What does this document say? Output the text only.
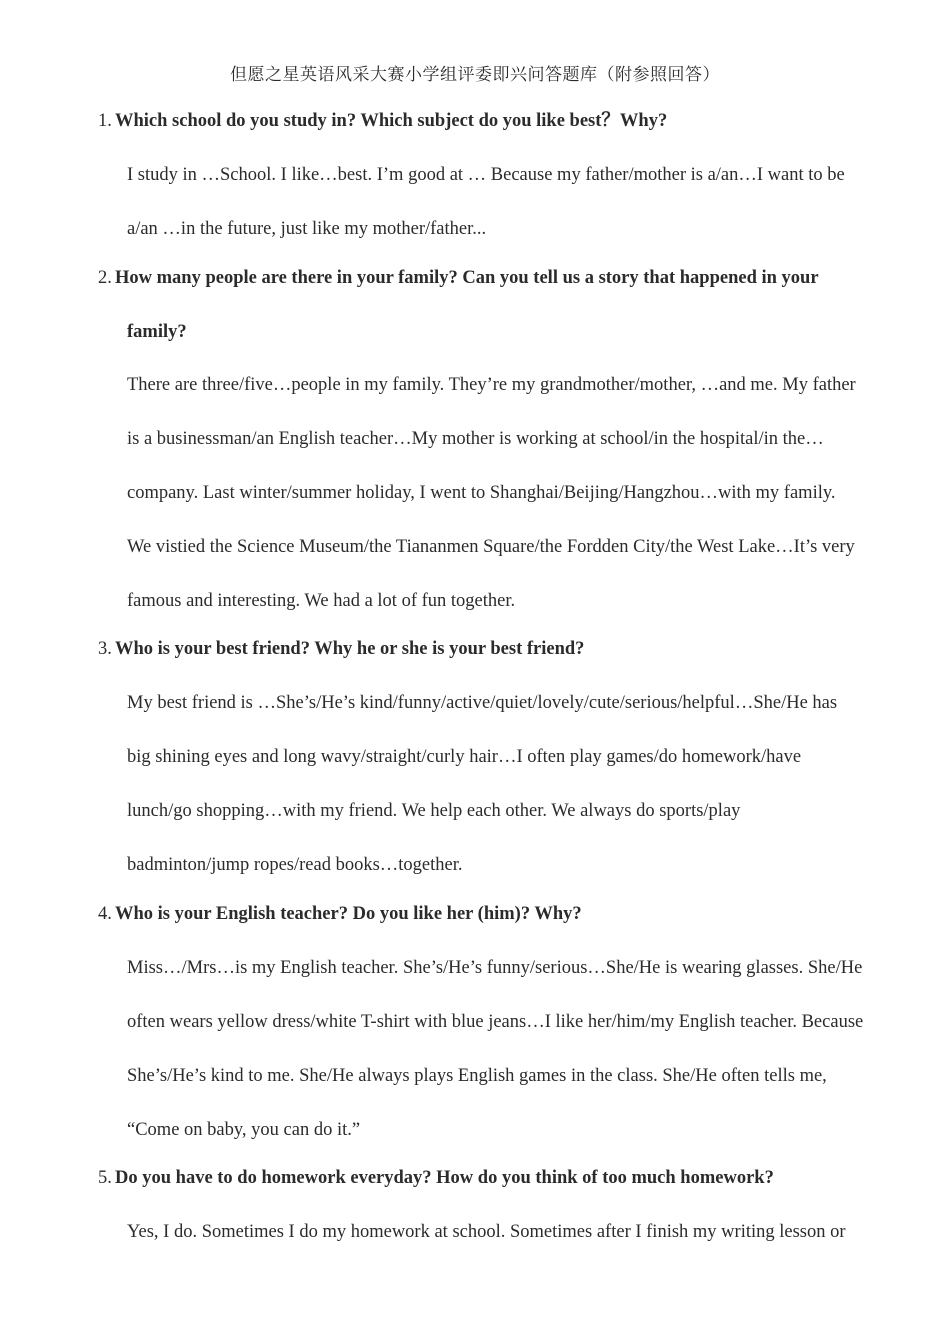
但愿之星英语风采大赛小学组评委即兴问答题库（附参照回答）
1. Which school do you study in? Which subject do you like best？Why?
I study in …School. I like…best. I’m good at … Because my father/mother is a/an…I want to be
a/an …in the future, just like my mother/father...
2. How many people are there in your family? Can you tell us a story that happened in your
family?
There are three/five…people in my family. They’re my grandmother/mother, …and me. My father
is a businessman/an English teacher…My mother is working at school/in the hospital/in the…
company. Last winter/summer holiday, I went to Shanghai/Beijing/Hangzhou…with my family.
We vistied the Science Museum/the Tiananmen Square/the Fordden City/the West Lake…It’s very
famous and interesting. We had a lot of fun together.
3. Who is your best friend? Why he or she is your best friend?
My best friend is …She’s/He’s kind/funny/active/quiet/lovely/cute/serious/helpful…She/He has
big shining eyes and long wavy/straight/curly hair…I often play games/do homework/have
lunch/go shopping…with my friend. We help each other. We always do sports/play
badminton/jump ropes/read books…together.
4. Who is your English teacher? Do you like her (him)? Why?
Miss…/Mrs…is my English teacher. She’s/He’s funny/serious…She/He is wearing glasses. She/He
often wears yellow dress/white T-shirt with blue jeans…I like her/him/my English teacher. Because
She’s/He’s kind to me. She/He always plays English games in the class. She/He often tells me,
“Come on baby, you can do it.”
5. Do you have to do homework everyday? How do you think of too much homework?
Yes, I do. Sometimes I do my homework at school. Sometimes after I finish my writing lesson or
